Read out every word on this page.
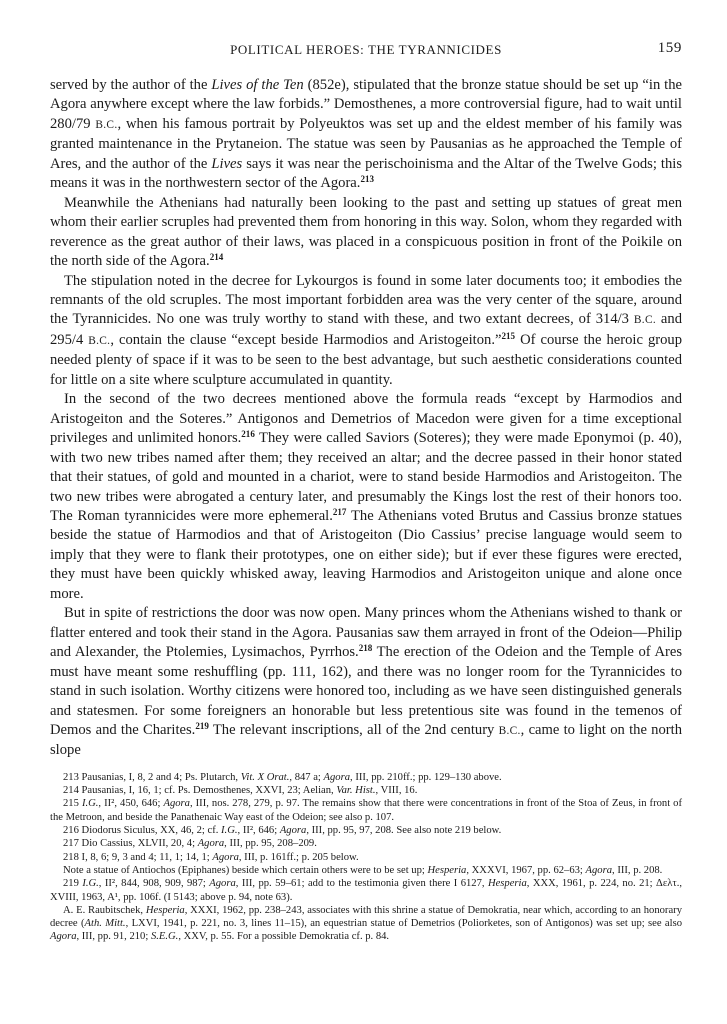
POLITICAL HEROES: THE TYRANNICIDES	159

served by the author of the Lives of the Ten (852e), stipulated that the bronze statue should be set up “in the Agora anywhere except where the law forbids.” Demosthenes, a more controversial figure, had to wait until 280/79 B.C., when his famous portrait by Polyeuktos was set up and the eldest member of his family was granted maintenance in the Prytaneion. The statue was seen by Pausanias as he approached the Temple of Ares, and the author of the Lives says it was near the perischoinisma and the Altar of the Twelve Gods; this means it was in the northwestern sector of the Agora.$^{213}$

Meanwhile the Athenians had naturally been looking to the past and setting up statues of great men whom their earlier scruples had prevented them from honoring in this way. Solon, whom they regarded with reverence as the great author of their laws, was placed in a conspicuous position in front of the Poikile on the north side of the Agora.$^{214}$

The stipulation noted in the decree for Lykourgos is found in some later documents too; it embodies the remnants of the old scruples. The most important forbidden area was the very center of the square, around the Tyrannicides. No one was truly worthy to stand with these, and two extant decrees, of 314/3 B.C. and 295/4 B.C., contain the clause “except beside Harmodios and Aristogeiton.”$^{215}$ Of course the heroic group needed plenty of space if it was to be seen to the best advantage, but such aesthetic considerations counted for little on a site where sculpture accumulated in quantity.

In the second of the two decrees mentioned above the formula reads “except by Harmodios and Aristogeiton and the Soteres.” Antigonos and Demetrios of Macedon were given for a time exceptional privileges and unlimited honors.$^{216}$ They were called Saviors (Soteres); they were made Eponymoi (p. 40), with two new tribes named after them; they received an altar; and the decree passed in their honor stated that their statues, of gold and mounted in a chariot, were to stand beside Harmodios and Aristogeiton. The two new tribes were abrogated a century later, and presumably the Kings lost the rest of their honors too. The Roman tyrannicides were more ephemeral.$^{217}$ The Athenians voted Brutus and Cassius bronze statues beside the statue of Harmodios and that of Aristogeiton (Dio Cassius’ precise language would seem to imply that they were to flank their prototypes, one on either side); but if ever these figures were erected, they must have been quickly whisked away, leaving Harmodios and Aristogeiton unique and alone once more.

But in spite of restrictions the door was now open. Many princes whom the Athenians wished to thank or flatter entered and took their stand in the Agora. Pausanias saw them arrayed in front of the Odeion—Philip and Alexander, the Ptolemies, Lysimachos, Pyrrhos.$^{218}$ The erection of the Odeion and the Temple of Ares must have meant some reshuffling (pp. 111, 162), and there was no longer room for the Tyrannicides to stand in such isolation. Worthy citizens were honored too, including as we have seen distinguished generals and statesmen. For some foreigners an honorable but less pretentious site was found in the temenos of Demos and the Charites.$^{219}$ The relevant inscriptions, all of the 2nd century B.C., came to light on the north slope

213 Pausanias, I, 8, 2 and 4; Ps. Plutarch, Vit. X Orat., 847 a; Agora, III, pp. 210ff.; pp. 129–130 above.

214 Pausanias, I, 16, 1; cf. Ps. Demosthenes, XXVI, 23; Aelian, Var. Hist., VIII, 16.

215 I.G., II², 450, 646; Agora, III, nos. 278, 279, p. 97. The remains show that there were concentrations in front of the Stoa of Zeus, in front of the Metroon, and beside the Panathenaic Way east of the Odeion; see also p. 107.

216 Diodorus Siculus, XX, 46, 2; cf. I.G., II², 646; Agora, III, pp. 95, 97, 208. See also note 219 below.

217 Dio Cassius, XLVII, 20, 4; Agora, III, pp. 95, 208–209.

218 I, 8, 6; 9, 3 and 4; 11, 1; 14, 1; Agora, III, p. 161ff.; p. 205 below.

Note a statue of Antiochos (Epiphanes) beside which certain others were to be set up; Hesperia, XXXVI, 1967, pp. 62–63; Agora, III, p. 208.

219 I.G., II², 844, 908, 909, 987; Agora, III, pp. 59–61; add to the testimonia given there I 6127, Hesperia, XXX, 1961, p. 224, no. 21; Δελτ., XVIII, 1963, A¹, pp. 106f. (I 5143; above p. 94, note 63).

A. E. Raubitschek, Hesperia, XXXI, 1962, pp. 238–243, associates with this shrine a statue of Demokratia, near which, according to an honorary decree (Ath. Mitt., LXVI, 1941, p. 221, no. 3, lines 11–15), an equestrian statue of Demetrios (Poliorketes, son of Antigonos) was set up; see also Agora, III, pp. 91, 210; S.E.G., XXV, p. 55. For a possible Demokratia cf. p. 84.
